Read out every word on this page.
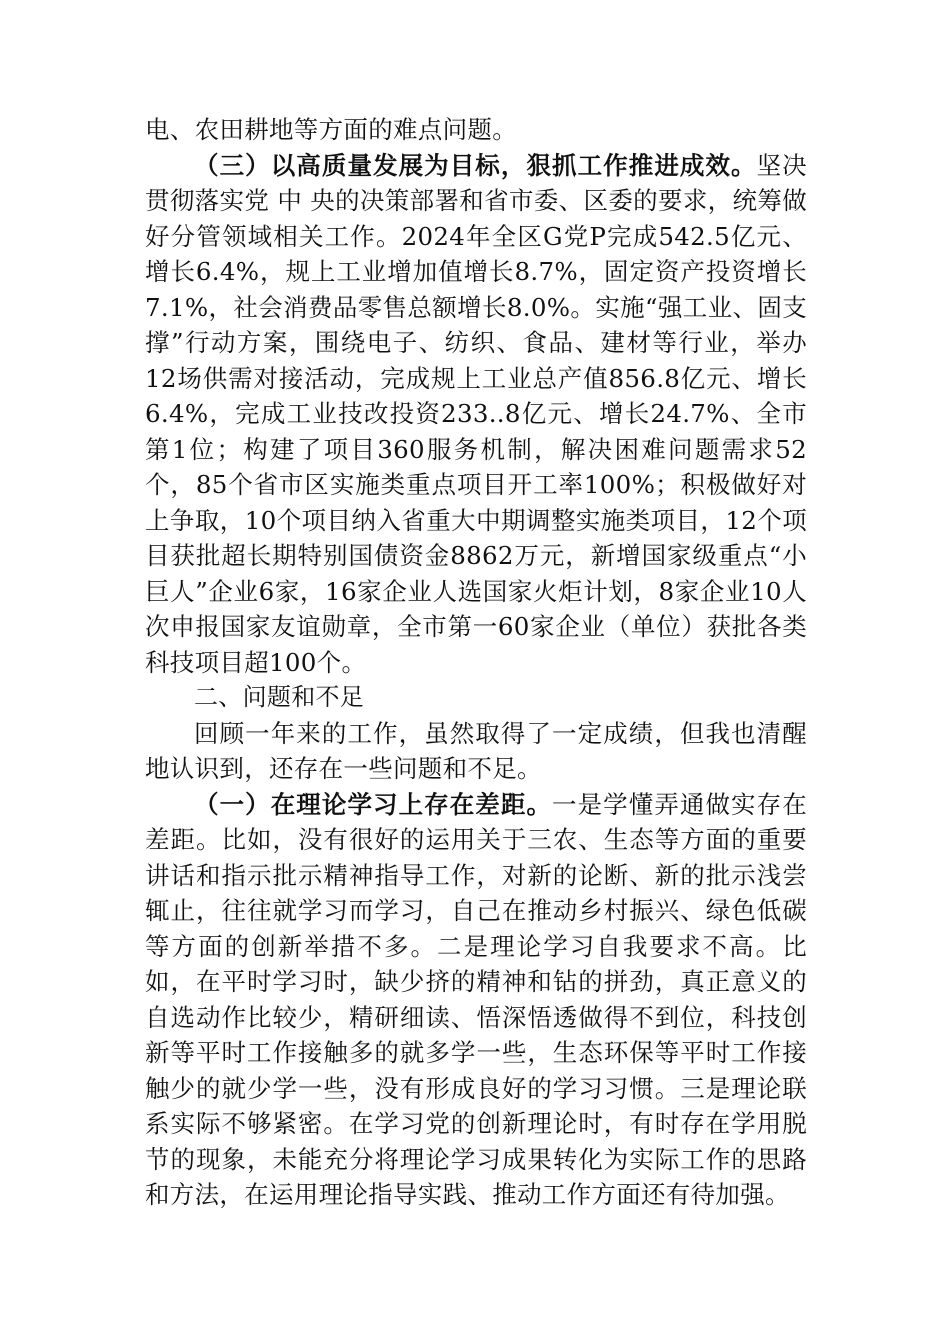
电、农田耕地等方面的难点问题。

（三）以高质量发展为目标，狠抓工作推进成效。坚决贯彻落实党 中 央的决策部署和省市委、区委的要求，统筹做好分管领域相关工作。2024年全区G党P完成542.5亿元、增长6.4%，规上工业增加值增长8.7%，固定资产投资增长7.1%，社会消费品零售总额增长8.0%。实施“强工业、固支撑”行动方案，围绕电子、纺织、食品、建材等行业，举办12场供需对接活动，完成规上工业总产值856.8亿元、增长6.4%，完成工业技改投资233..8亿元、增长24.7%、全市第1位；构建了项目360服务机制，解决困难问题需求52个，85个省市区实施类重点项目开工率100%；积极做好对上争取，10个项目纳入省重大中期调整实施类项目，12个项目获批超长期特别国债资金8862万元，新增国家级重点“小巨人”企业6家，16家企业人选国家火炬计划，8家企业10人次申报国家友谊勋章，全市第一60家企业（单位）获批各类科技项目超100个。

二、问题和不足

回顾一年来的工作，虽然取得了一定成绩，但我也清醒地认识到，还存在一些问题和不足。

（一）在理论学习上存在差距。一是学懂弄通做实存在差距。比如，没有很好的运用关于三农、生态等方面的重要讲话和指示批示精神指导工作，对新的论断、新的批示浅尝辄止，往往就学习而学习，自己在推动乡村振兴、绿色低碳等方面的创新举措不多。二是理论学习自我要求不高。比如，在平时学习时，缺少挤的精神和钻的拼劲，真正意义的自选动作比较少，精研细读、悟深悟透做得不到位，科技创新等平时工作接触多的就多学一些，生态环保等平时工作接触少的就少学一些，没有形成良好的学习习惯。三是理论联系实际不够紧密。在学习党的创新理论时，有时存在学用脱节的现象，未能充分将理论学习成果转化为实际工作的思路和方法，在运用理论指导实践、推动工作方面还有待加强。
